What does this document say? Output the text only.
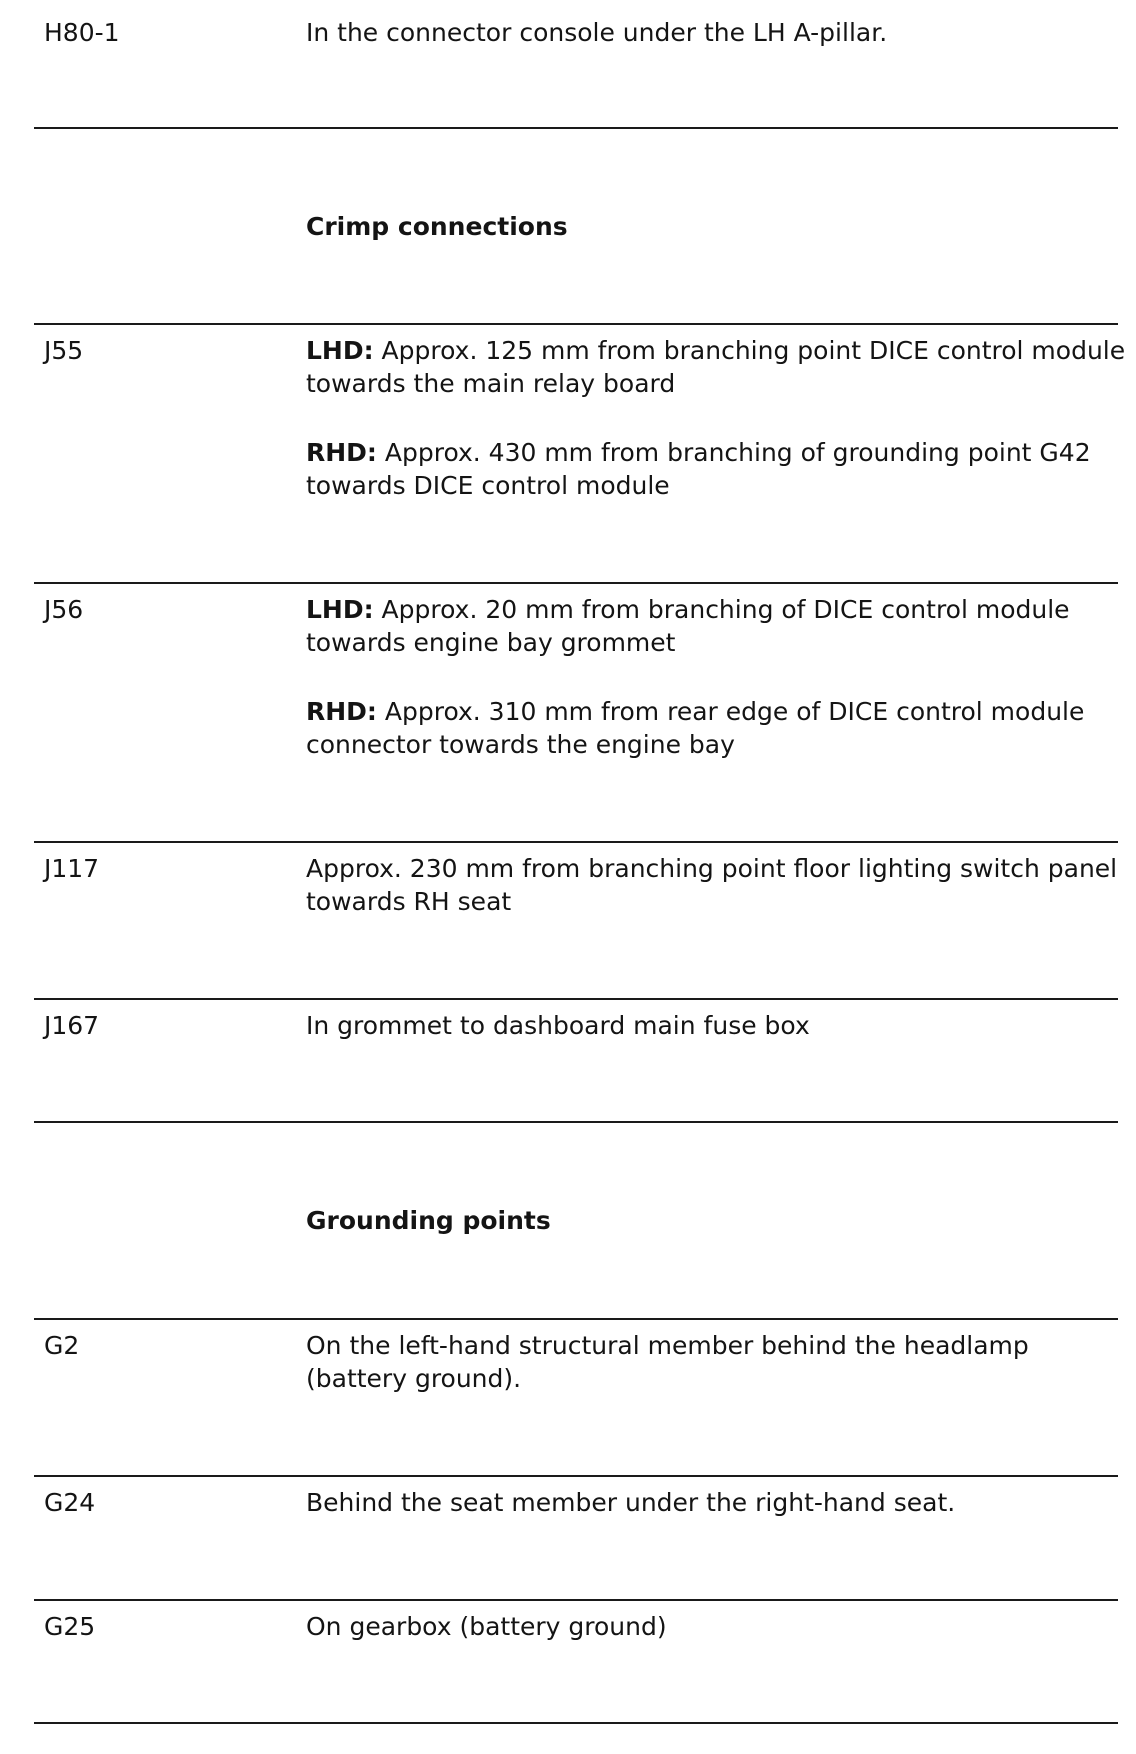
H80-1	In the connector console under the LH A-pillar.

Crimp connections
J55	LHD: Approx. 125 mm from branching point DICE control module towards the main relay board

RHD: Approx. 430 mm from branching of grounding point G42 towards DICE control module

J56	LHD: Approx. 20 mm from branching of DICE control module towards engine bay grommet

RHD: Approx. 310 mm from rear edge of DICE control module connector towards the engine bay

J117	Approx. 230 mm from branching point floor lighting switch panel towards RH seat

J167	In grommet to dashboard main fuse box

Grounding points
G2	On the left-hand structural member behind the headlamp (battery ground).

G24	Behind the seat member under the right-hand seat.

G25	On gearbox (battery ground)
